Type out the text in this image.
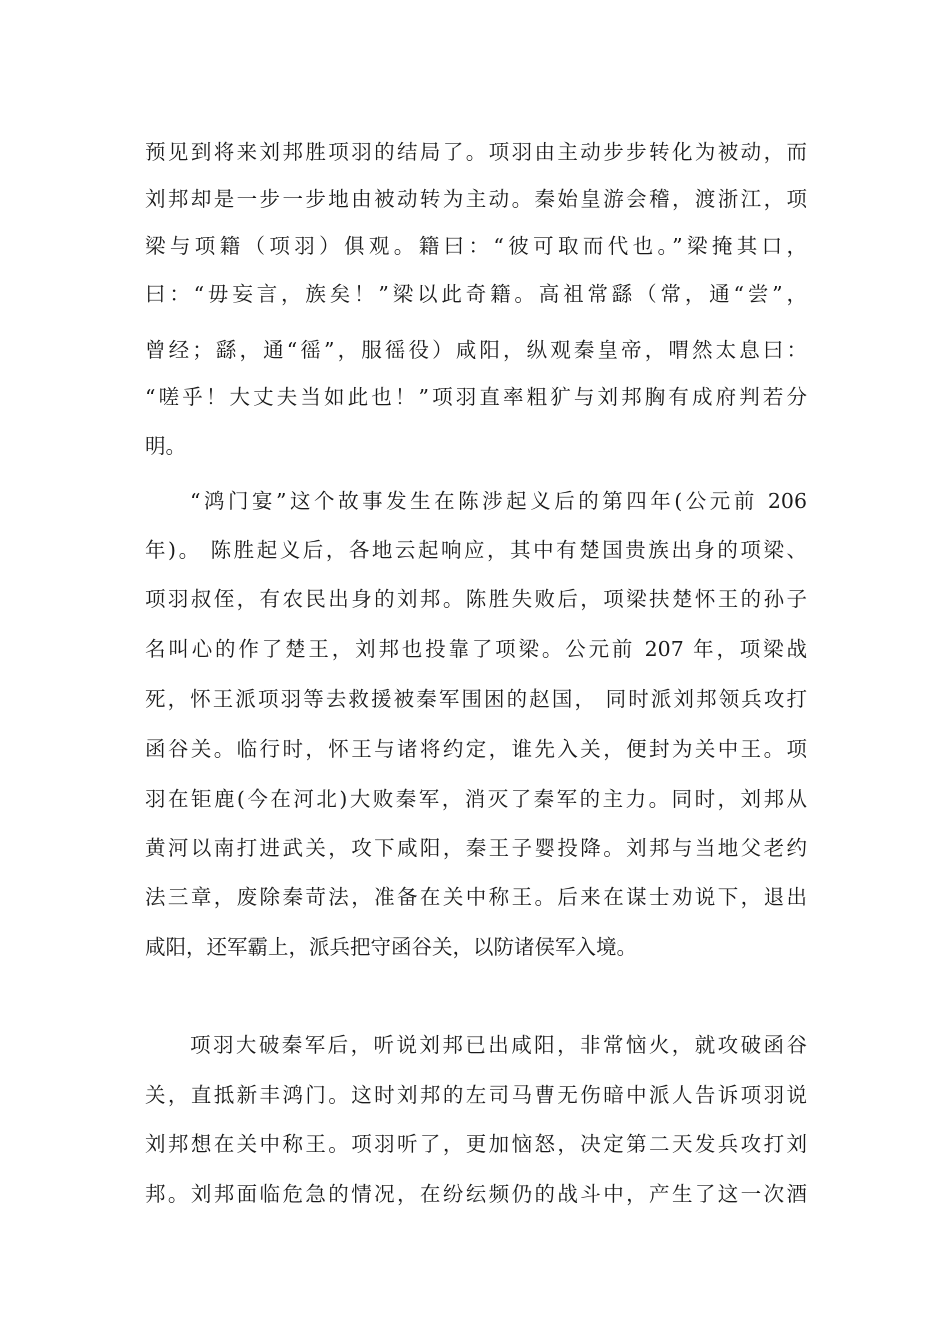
预见到将来刘邦胜项羽的结局了。项羽由主动步步转化为被动，而
刘邦却是一步一步地由被动转为主动。秦始皇游会稽，渡浙江，项
梁与项籍（项羽）俱观。籍曰：“彼可取而代也。”梁掩其口，
曰：“毋妄言，族矣！”梁以此奇籍。高祖常繇（常，通“尝”，
曾经；繇，通“徭”，服徭役）咸阳，纵观秦皇帝，喟然太息曰：
“嗟乎！大丈夫当如此也！”项羽直率粗犷与刘邦胸有成府判若分
明。
“鸿门宴”这个故事发生在陈涉起义后的第四年(公元前 206
年)。 陈胜起义后，各地云起响应，其中有楚国贵族出身的项梁、
项羽叔侄，有农民出身的刘邦。陈胜失败后，项梁扶楚怀王的孙子
名叫心的作了楚王，刘邦也投靠了项梁。公元前 207 年，项梁战
死，怀王派项羽等去救援被秦军围困的赵国， 同时派刘邦领兵攻打
函谷关。临行时，怀王与诸将约定，谁先入关，便封为关中王。项
羽在钜鹿(今在河北)大败秦军，消灭了秦军的主力。同时，刘邦从
黄河以南打进武关，攻下咸阳，秦王子婴投降。刘邦与当地父老约
法三章，废除秦苛法，准备在关中称王。后来在谋士劝说下，退出
咸阳，还军霸上，派兵把守函谷关，以防诸侯军入境。
项羽大破秦军后，听说刘邦已出咸阳，非常恼火，就攻破函谷
关，直抵新丰鸿门。这时刘邦的左司马曹无伤暗中派人告诉项羽说
刘邦想在关中称王。项羽听了，更加恼怒，决定第二天发兵攻打刘
邦。刘邦面临危急的情况，在纷纭频仍的战斗中，产生了这一次酒
